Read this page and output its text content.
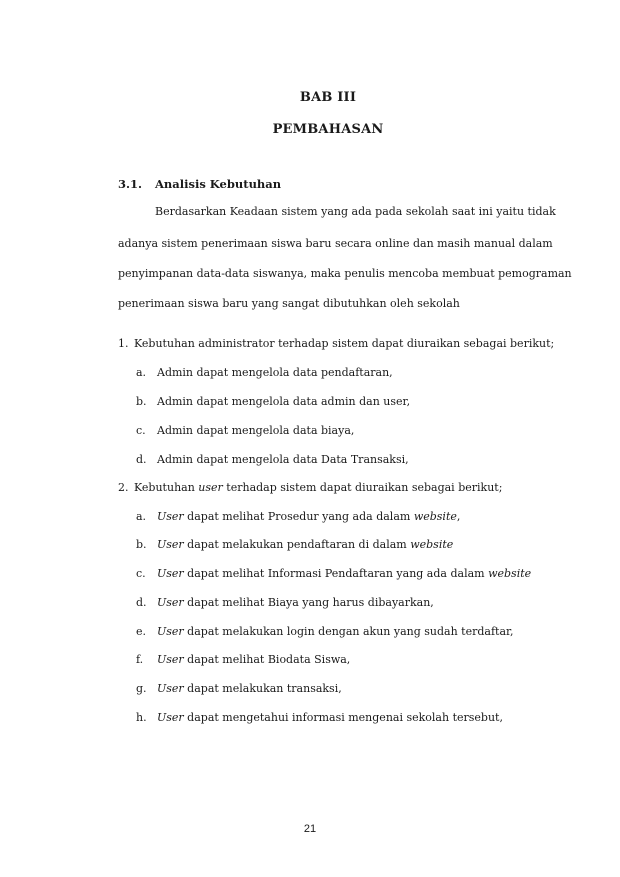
BAB III
PEMBAHASAN
3.1. Analisis Kebutuhan
Berdasarkan Keadaan sistem yang ada pada sekolah saat ini yaitu tidak
adanya sistem penerimaan siswa baru secara online dan masih manual dalam
penyimpanan data-data siswanya, maka penulis mencoba membuat pemograman
penerimaan siswa baru yang sangat dibutuhkan oleh sekolah
1. Kebutuhan administrator terhadap sistem dapat diuraikan sebagai berikut;
a. Admin dapat mengelola data pendaftaran,
b. Admin dapat mengelola data admin dan user,
c. Admin dapat mengelola data biaya,
d. Admin dapat mengelola data Data Transaksi,
2. Kebutuhan user terhadap sistem dapat diuraikan sebagai berikut;
a. User dapat melihat Prosedur yang ada dalam website,
b. User dapat melakukan pendaftaran di dalam website
c. User dapat melihat Informasi Pendaftaran yang ada dalam website
d. User dapat melihat Biaya yang harus dibayarkan,
e. User dapat melakukan login dengan akun yang sudah terdaftar,
f. User dapat melihat Biodata Siswa,
g. User dapat melakukan transaksi,
h. User dapat mengetahui informasi mengenai sekolah tersebut,
21
